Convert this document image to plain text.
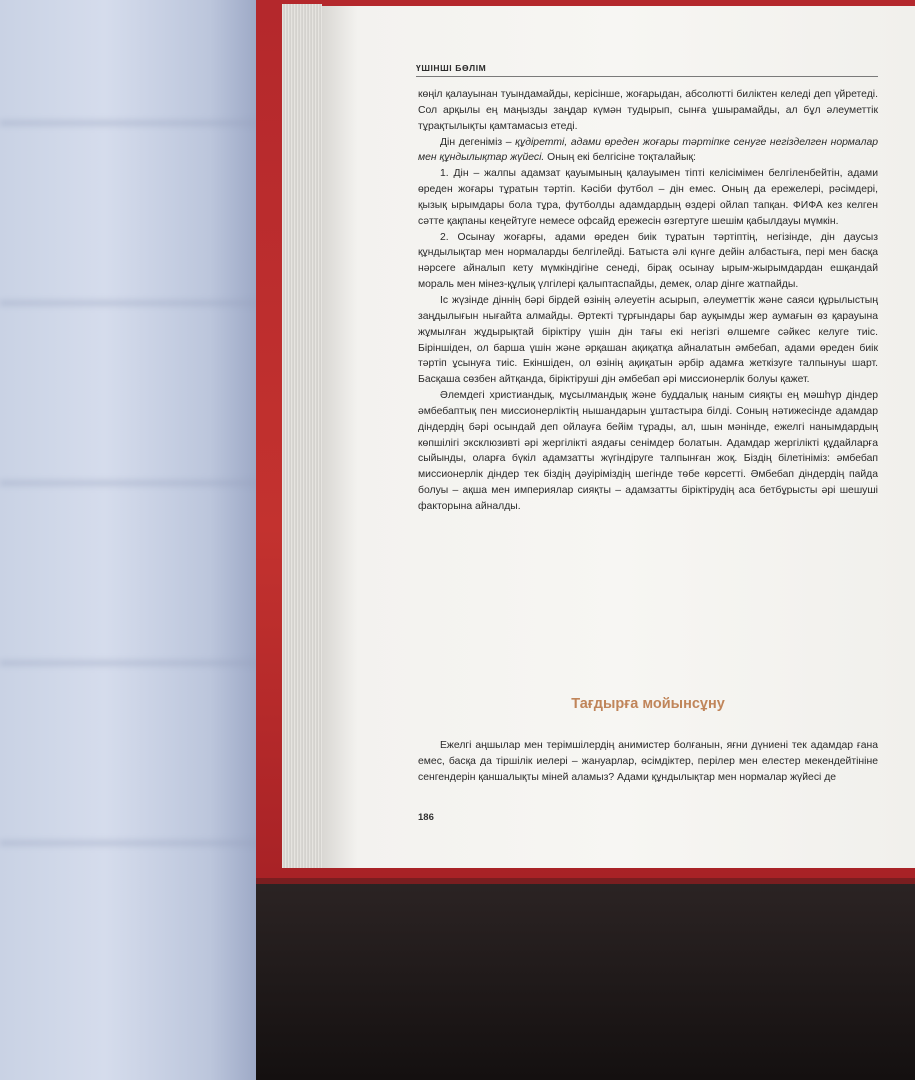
ҮШІНШІ БӨЛІМ

көңіл қалауынан туындамайды, керісінше, жоғарыдан, абсолютті биліктен келеді деп үйретеді. Сол арқылы ең маңызды заңдар күмән тудырып, сынға ұшырамайды, ал бұл әлеуметтік тұрақтылықты қамтамасыз етеді.

Дін дегеніміз – құдіретті, адами өреден жоғары тәртіпке сенуге негізделген нормалар мен құндылықтар жүйесі. Оның екі белгісіне тоқталайық:

1. Дін – жалпы адамзат қауымының қалауымен тіпті келісімімен белгіленбейтін, адами өреден жоғары тұратын тәртіп. Кәсіби футбол – дін емес. Оның да ережелері, рәсімдері, қызық ырымдары бола тұра, футболды адамдардың өздері ойлап тапқан. ФИФА кез келген сәтте қақпаны кеңейтуге немесе офсайд ережесін өзгертуге шешім қабылдауы мүмкін.

2. Осынау жоғарғы, адами өреден биік тұратын тәртіптің, негізінде, дін даусыз құндылықтар мен нормаларды белгілейді. Батыста әлі күнге дейін албастыға, пері мен басқа нәрсеге айналып кету мүмкіндігіне сенеді, бірақ осынау ырым-жырымдардан ешқандай мораль мен мінез-құлық үлгілері қалыптаспайды, демек, олар дінге жатпайды.

Іс жүзінде діннің бәрі бірдей өзінің әлеуетін асырып, әлеуметтік және саяси құрылыстың заңдылығын нығайта алмайды. Әртекті тұрғындары бар ауқымды жер аумағын өз қарауына жұмылған жұдырықтай біріктіру үшін дін тағы екі негізгі өлшемге сәйкес келуге тиіс. Біріншіден, ол барша үшін және әрқашан ақиқатқа айналатын әмбебап, адами өреден биік тәртіп ұсынуға тиіс. Екіншіден, ол өзінің ақиқатын әрбір адамға жеткізуге талпынуы шарт. Басқаша сөзбен айтқанда, біріктіруші дін әмбебап әрі миссионерлік болуы қажет.

Әлемдегі христиандық, мұсылмандық және буддалық наным сияқты ең мәшһүр діндер әмбебаптық пен миссионерліктің нышандарын ұштастыра білді. Соның нәтижесінде адамдар діндердің бәрі осындай деп ойлауға бейім тұрады, ал, шын мәнінде, ежелгі нанымдардың көпшілігі эксклюзивті әрі жергілікті аядағы сенімдер болатын. Адамдар жергілікті құдайларға сыйынды, оларға бүкіл адамзатты жүгіндіруге талпынған жоқ. Біздің білетініміз: әмбебап миссионерлік діндер тек біздің дәуіріміздің шегінде төбе көрсетті. Әмбебап діндердің пайда болуы – ақша мен империялар сияқты – адамзатты біріктірудің аса бетбұрысты әрі шешуші факторына айналды.

Тағдырға мойынсұну

Ежелгі аңшылар мен терімшілердің анимистер болғанын, яғни дүниені тек адамдар ғана емес, басқа да тіршілік иелері – жануарлар, өсімдіктер, перілер мен елестер мекендейтініне сенгендерін қаншалықты міней аламыз? Адами құндылықтар мен нормалар жүйесі де

186
